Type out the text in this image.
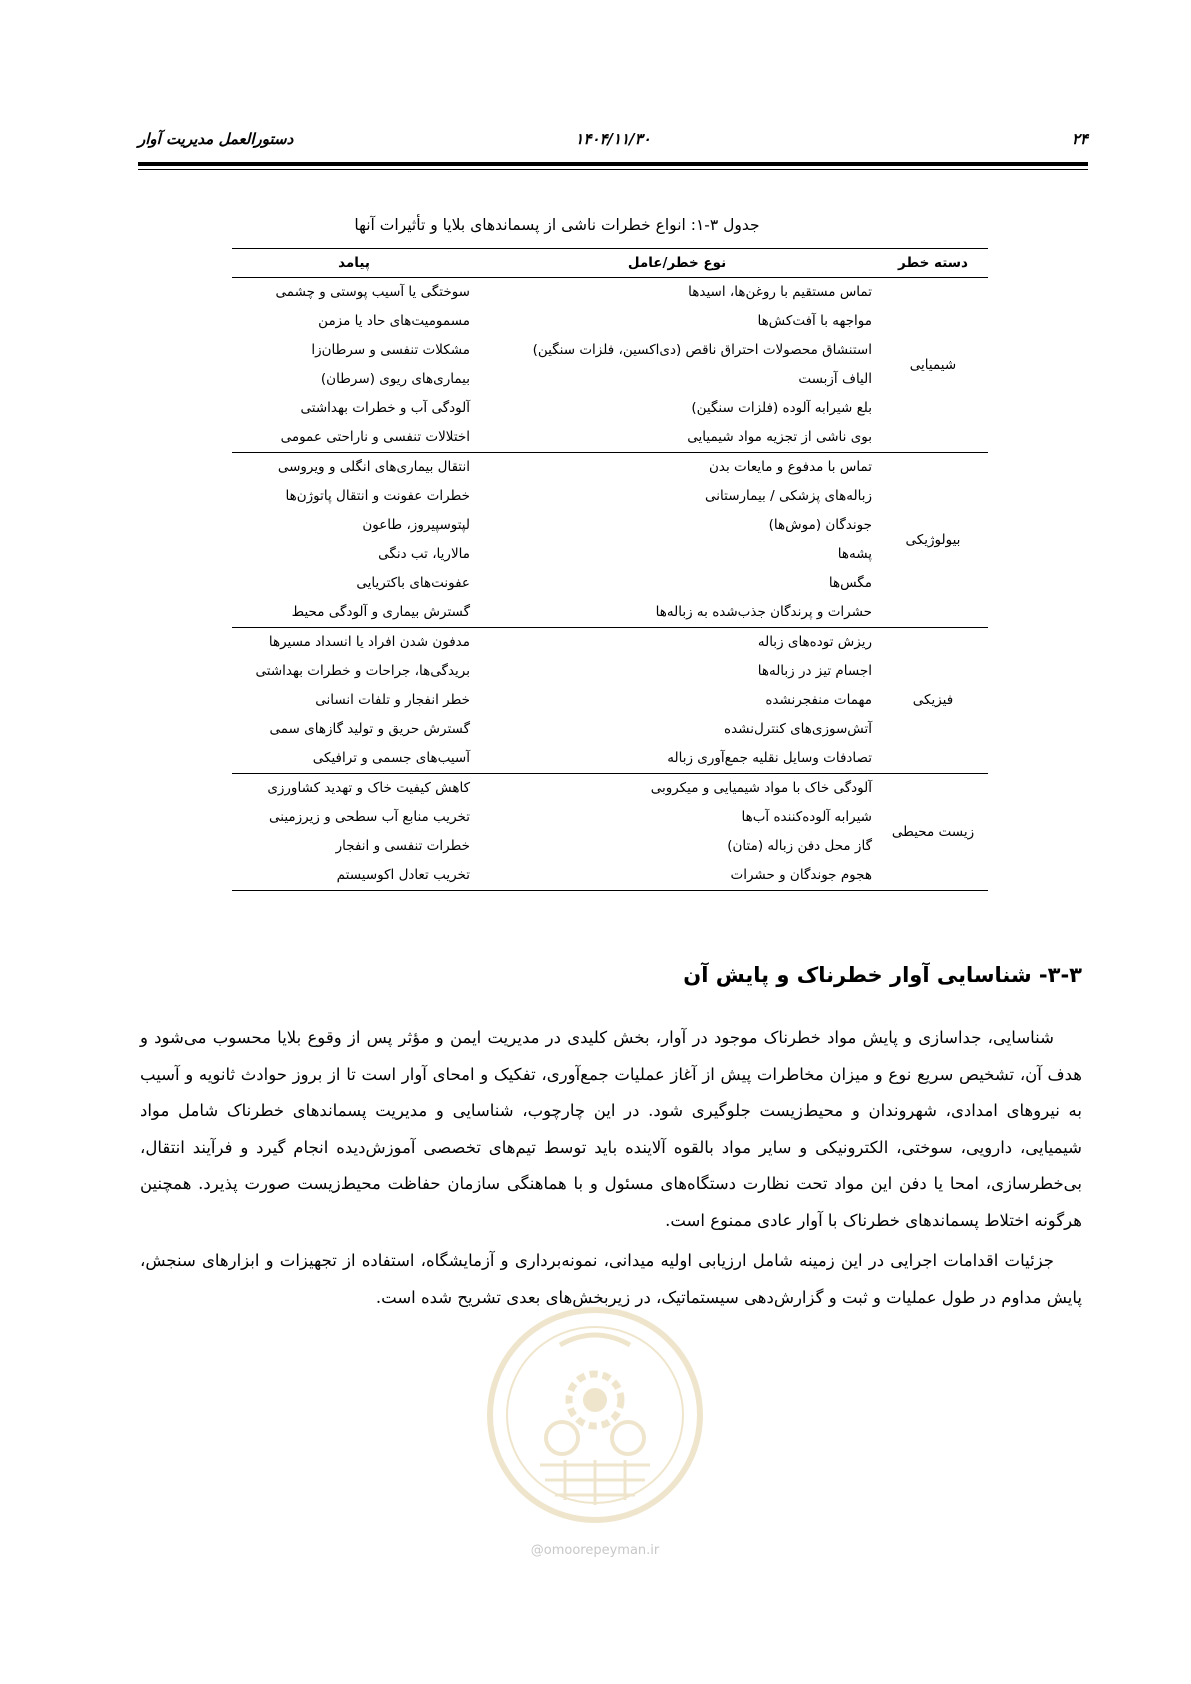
۲۴
۱۴۰۴/۱۱/۳۰
دستورالعمل مدیریت آوار
جدول ۳-۱: انواع خطرات ناشی از پسماندهای بلایا و تأثیرات آنها
دسته خطر	نوع خطر/عامل	پیامد
شیمیایی	تماس مستقیم با روغن‌ها، اسیدها	سوختگی یا آسیب پوستی و چشمی
	مواجهه با آفت‌کش‌ها	مسمومیت‌های حاد یا مزمن
	استنشاق محصولات احتراق ناقص (دی‌اکسین، فلزات سنگین)	مشکلات تنفسی و سرطان‌زا
	الیاف آزبست	بیماری‌های ریوی (سرطان)
	بلع شیرابه آلوده (فلزات سنگین)	آلودگی آب و خطرات بهداشتی
	بوی ناشی از تجزیه مواد شیمیایی	اختلالات تنفسی و ناراحتی عمومی
بیولوژیکی	تماس با مدفوع و مایعات بدن	انتقال بیماری‌های انگلی و ویروسی
	زباله‌های پزشکی / بیمارستانی	خطرات عفونت و انتقال پاتوژن‌ها
	جوندگان (موش‌ها)	لپتوسپیروز، طاعون
	پشه‌ها	مالاریا، تب دنگی
	مگس‌ها	عفونت‌های باکتریایی
	حشرات و پرندگان جذب‌شده به زباله‌ها	گسترش بیماری و آلودگی محیط
فیزیکی	ریزش توده‌های زباله	مدفون شدن افراد یا انسداد مسیرها
	اجسام تیز در زباله‌ها	بریدگی‌ها، جراحات و خطرات بهداشتی
	مهمات منفجرنشده	خطر انفجار و تلفات انسانی
	آتش‌سوزی‌های کنترل‌نشده	گسترش حریق و تولید گازهای سمی
	تصادفات وسایل نقلیه جمع‌آوری زباله	آسیب‌های جسمی و ترافیکی
زیست محیطی	آلودگی خاک با مواد شیمیایی و میکروبی	کاهش کیفیت خاک و تهدید کشاورزی
	شیرابه آلوده‌کننده آب‌ها	تخریب منابع آب سطحی و زیرزمینی
	گاز محل دفن زباله (متان)	خطرات تنفسی و انفجار
	هجوم جوندگان و حشرات	تخریب تعادل اکوسیستم
۳-۳- شناسایی آوار خطرناک و پایش آن

شناسایی، جداسازی و پایش مواد خطرناک موجود در آوار، بخش کلیدی در مدیریت ایمن و مؤثر پس از وقوع بلایا محسوب می‌شود و هدف آن، تشخیص سریع نوع و میزان مخاطرات پیش از آغاز عملیات جمع‌آوری، تفکیک و امحای آوار است تا از بروز حوادث ثانویه و آسیب به نیروهای امدادی، شهروندان و محیط‌زیست جلوگیری شود. در این چارچوب، شناسایی و مدیریت پسماندهای خطرناک شامل مواد شیمیایی، دارویی، سوختی، الکترونیکی و سایر مواد بالقوه آلاینده باید توسط تیم‌های تخصصی آموزش‌دیده انجام گیرد و فرآیند انتقال، بی‌خطرسازی، امحا یا دفن این مواد تحت نظارت دستگاه‌های مسئول و با هماهنگی سازمان حفاظت محیط‌زیست صورت پذیرد. همچنین هرگونه اختلاط پسماندهای خطرناک با آوار عادی ممنوع است.

جزئیات اقدامات اجرایی در این زمینه شامل ارزیابی اولیه میدانی، نمونه‌برداری و آزمایشگاه، استفاده از تجهیزات و ابزارهای سنجش، پایش مداوم در طول عملیات و ثبت و گزارش‌دهی سیستماتیک، در زیربخش‌های بعدی تشریح شده است.

@omoorepeyman.ir
